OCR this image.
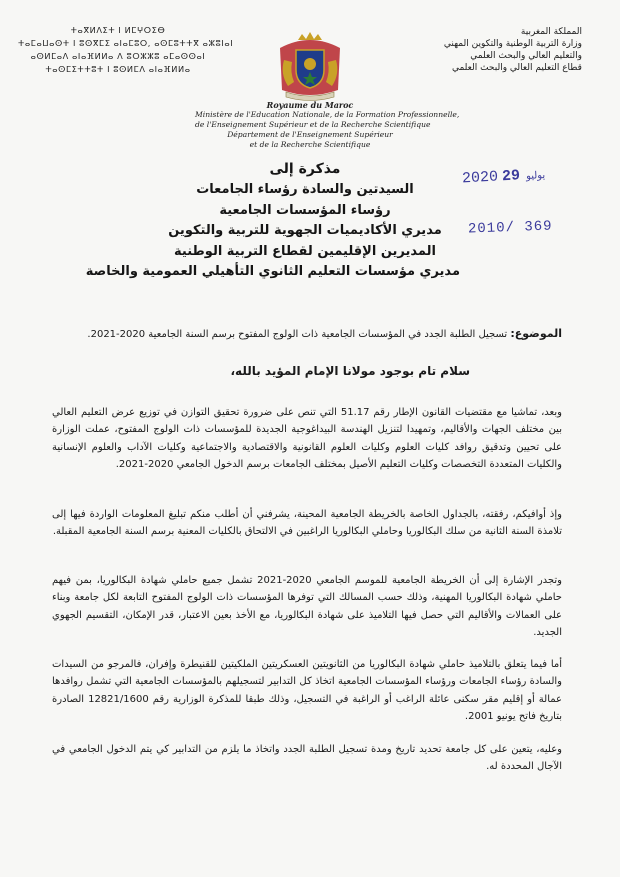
المملكة المغربية
وزارة التربية الوطنية والتكوين المهني
والتعليم العالي والبحث العلمي
قطاع التعليم العالي والبحث العلمي
ⵜⴰⴳⵍⴷⵉⵜ ⵏ ⵍⵎⵖⵔⵉⴱ
ⵜⴰⵎⴰⵡⴰⵙⵜ ⵏ ⵓⵙⴳⵎⵉ ⴰⵏⴰⵎⵓⵔ, ⴰⵙⵎⵓⵜⵜⴳ ⴰⵣⵓⵏⴰⵏ
ⴰⵙⵍⵎⴰⴷ ⴰⵏⴰⴼⵍⵍⴰ ⴷ ⵓⵔⵣⵣⵓ ⴰⵎⴰⵙⵙⴰⵏ
ⵜⴰⵙⵎⵉⵜⵜⵓⵜ ⵏ ⵓⵙⵍⵎⴷ ⴰⵏⴰⴼⵍⵍⴰ
Royaume du Maroc
Ministère de l'Education Nationale, de la Formation Professionnelle,
de l'Enseignement Supérieur et de la Recherche Scientifique
Département de l'Enseignement Supérieur
et de la Recherche Scientifique
2020	يوليو29
2010/ 369
مذكرة إلى
السيدتين والسادة رؤساء الجامعات
رؤساء المؤسسات الجامعية
مديري الأكاديميات الجهوية للتربية والتكوين
المديرين الإقليمين لقطاع التربية الوطنية
مديري مؤسسات التعليم الثانوي التأهيلي العمومية والخاصة
الموضوع: تسجيل الطلبة الجدد في المؤسسات الجامعية ذات الولوج المفتوح برسم السنة الجامعية 2020-2021.
سلام تام بوجود مولانا الإمام المؤيد بالله،
وبعد، تماشيا مع مقتضيات القانون الإطار رقم 51.17 التي تنص على ضرورة تحقيق التوازن في توزيع عرض التعليم العالي بين مختلف الجهات والأقاليم، وتمهيدا لتنزيل الهندسة البيداغوجية الجديدة للمؤسسات ذات الولوج المفتوح، عملت الوزارة على تحيين وتدقيق روافد كليات العلوم وكليات العلوم القانونية والاقتصادية والاجتماعية وكليات الآداب والعلوم الإنسانية والكليات المتعددة التخصصات وكليات التعليم الأصيل بمختلف الجامعات برسم الدخول الجامعي 2020-2021.
وإذ أوافيكم، رفقته، بالجداول الخاصة بالخريطة الجامعية المحينة، يشرفني أن أطلب منكم تبليغ المعلومات الواردة فيها إلى تلامذة السنة الثانية من سلك البكالوريا وحاملي البكالوريا الراغبين في الالتحاق بالكليات المعنية برسم السنة الجامعية المقبلة.
وتجدر الإشارة إلى أن الخريطة الجامعية للموسم الجامعي 2020-2021 تشمل جميع حاملي شهادة البكالوريا، بمن فيهم حاملي شهادة البكالوريا المهنية، وذلك حسب المسالك التي توفرها المؤسسات ذات الولوج المفتوح التابعة لكل جامعة وبناء على العمالات والأقاليم التي حصل فيها التلاميذ على شهادة البكالوريا، مع الأخذ بعين الاعتبار، قدر الإمكان، التقسيم الجهوي الجديد.
أما فيما يتعلق بالتلاميذ حاملي شهادة البكالوريا من الثانويتين العسكريتين الملكيتين للقنيطرة وإفران، فالمرجو من السيدات والسادة رؤساء الجامعات ورؤساء المؤسسات الجامعية اتخاذ كل التدابير لتسجيلهم بالمؤسسات الجامعية التي تشمل روافدها عمالة أو إقليم مقر سكنى عائلة الراغب أو الراغبة في التسجيل، وذلك طبقا للمذكرة الوزارية رقم 12821/1600 الصادرة بتاريخ فاتح يونيو 2001.
وعليه، يتعين على كل جامعة تحديد تاريخ ومدة تسجيل الطلبة الجدد واتخاذ ما يلزم من التدابير كي يتم الدخول الجامعي في الآجال المحددة له.
